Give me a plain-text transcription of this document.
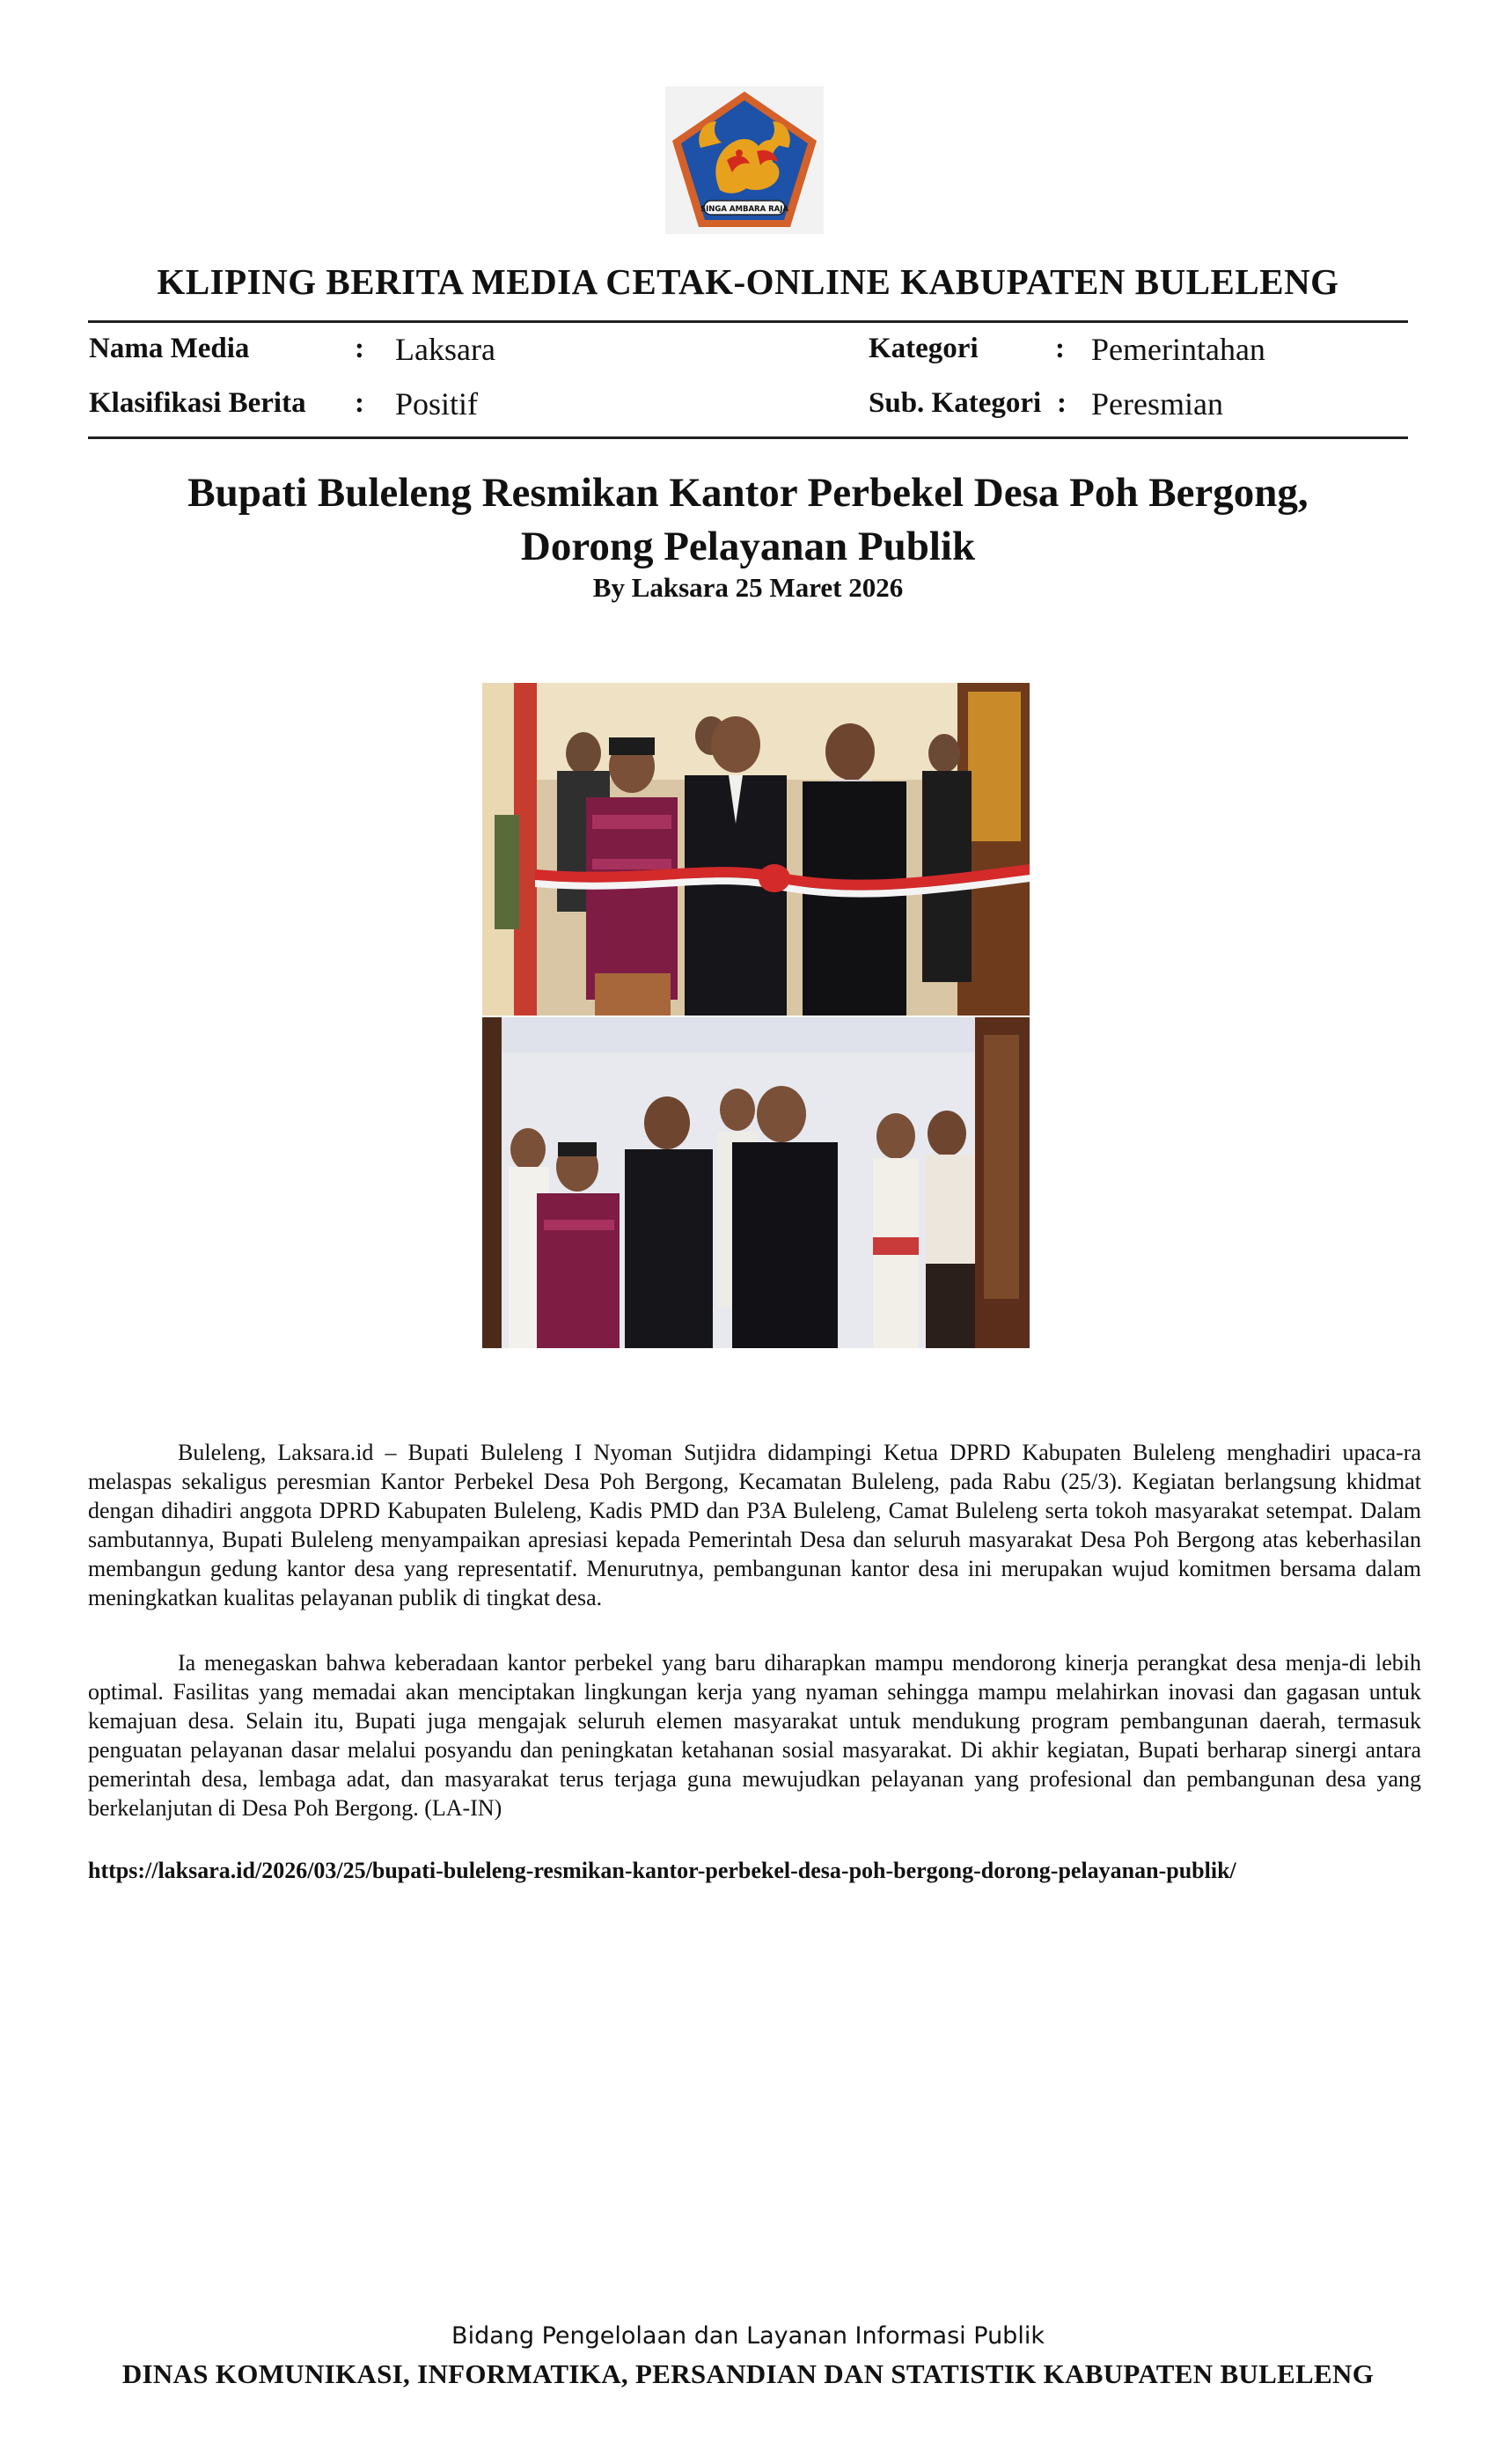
SINGA AMBARA RAJA
KLIPING BERITA MEDIA CETAK-ONLINE KABUPATEN BULELENG
Nama Media	: Laksara	Kategori	: Pemerintahan
Klasifikasi Berita : Positif	Sub. Kategori : Peresmian
Bupati Buleleng Resmikan Kantor Perbekel Desa Poh Bergong,
Dorong Pelayanan Publik
By Laksara 25 Maret 2026

Buleleng, Laksara.id – Bupati Buleleng I Nyoman Sutjidra didampingi Ketua DPRD Kabupaten Buleleng menghadiri upaca-ra melaspas sekaligus peresmian Kantor Perbekel Desa Poh Bergong, Kecamatan Buleleng, pada Rabu (25/3). Kegiatan berlangsung khidmat dengan dihadiri anggota DPRD Kabupaten Buleleng, Kadis PMD dan P3A Buleleng, Camat Buleleng serta tokoh masyarakat setempat. Dalam sambutannya, Bupati Buleleng menyampaikan apresiasi kepada Pemerintah Desa dan seluruh masyarakat Desa Poh Bergong atas keberhasilan membangun gedung kantor desa yang representatif. Menurutnya, pembangunan kantor desa ini merupakan wujud komitmen bersama dalam meningkatkan kualitas pelayanan publik di tingkat desa.

Ia menegaskan bahwa keberadaan kantor perbekel yang baru diharapkan mampu mendorong kinerja perangkat desa menja-di lebih optimal. Fasilitas yang memadai akan menciptakan lingkungan kerja yang nyaman sehingga mampu melahirkan inovasi dan gagasan untuk kemajuan desa. Selain itu, Bupati juga mengajak seluruh elemen masyarakat untuk mendukung program pembangunan daerah, termasuk penguatan pelayanan dasar melalui posyandu dan peningkatan ketahanan sosial masyarakat. Di akhir kegiatan, Bupati berharap sinergi antara pemerintah desa, lembaga adat, dan masyarakat terus terjaga guna mewujudkan pelayanan yang profesional dan pembangunan desa yang berkelanjutan di Desa Poh Bergong. (LA-IN)

https://laksara.id/2026/03/25/bupati-buleleng-resmikan-kantor-perbekel-desa-poh-bergong-dorong-pelayanan-publik/
Bidang Pengelolaan dan Layanan Informasi Publik
DINAS KOMUNIKASI, INFORMATIKA, PERSANDIAN DAN STATISTIK KABUPATEN BULELENG
